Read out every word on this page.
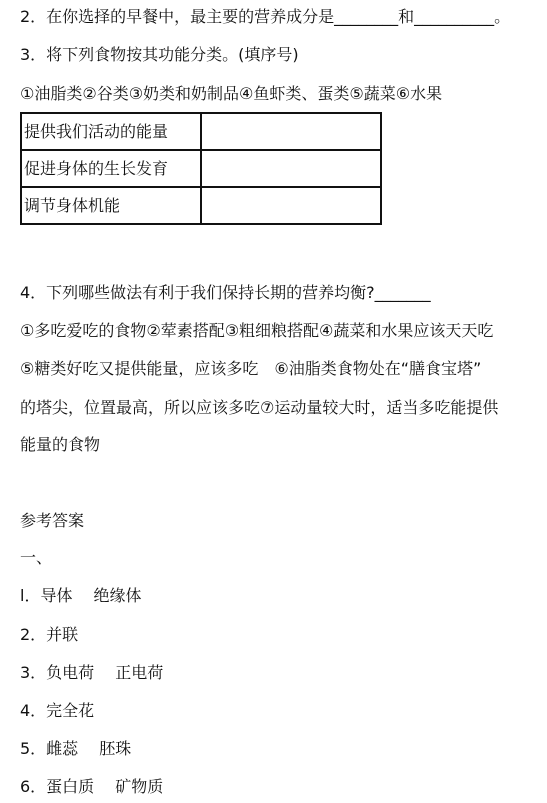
2．在你选择的早餐中，最主要的营养成分是________和__________。
3．将下列食物按其功能分类。(填序号)
①油脂类②谷类③奶类和奶制品④鱼虾类、蛋类⑤蔬菜⑥水果
提供我们活动的能量	
促进身体的生长发育	
调节身体机能	
4．下列哪些做法有利于我们保持长期的营养均衡?_______
①多吃爱吃的食物②荤素搭配③粗细粮搭配④蔬菜和水果应该天天吃
⑤糖类好吃又提供能量，应该多吃　⑥油脂类食物处在“膳食宝塔”
的塔尖，位置最高，所以应该多吃⑦运动量较大时，适当多吃能提供
能量的食物
参考答案
一、
l．导体　 绝缘体
2．并联
3．负电荷　 正电荷
4．完全花
5．雌蕊　 胚珠
6．蛋白质　 矿物质
